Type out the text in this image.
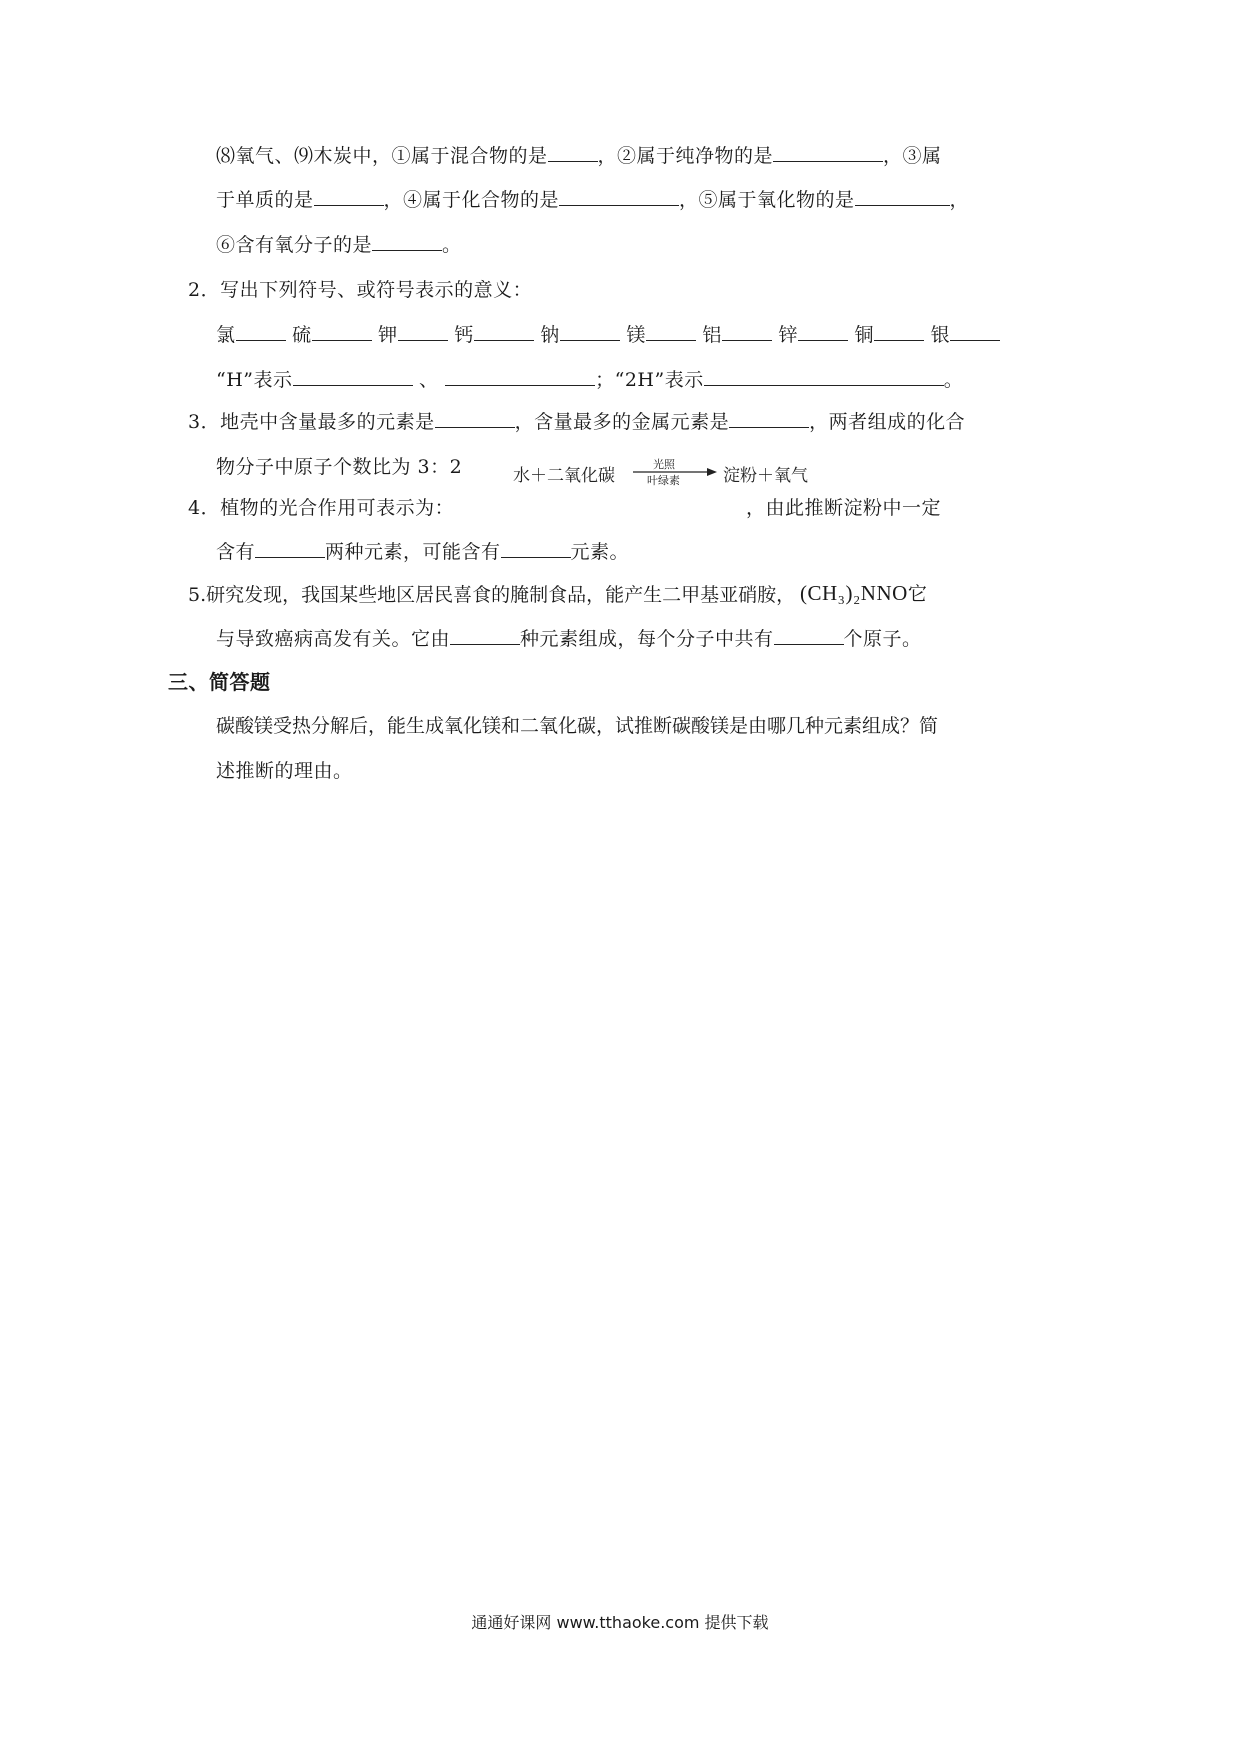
⑻氧气、⑼木炭中，①属于混合物的是	，②属于纯净物的是	，③属
于单质的是	，④属于化合物的是	，⑤属于氧化物的是	，
⑥含有氧分子的是	。
2．写出下列符号、或符号表示的意义：
氯	硫	钾	钙	钠	镁	铝	锌	铜	银
“H”表示	、	；“2H”表示	。
3．地壳中含量最多的元素是	，含量最多的金属元素是	，两者组成的化合
物分子中原子个数比为 3：2	水＋二氧化碳
光照
叶绿素	淀粉＋氧气
4．植物的光合作用可表示为：	，由此推断淀粉中一定
含有	两种元素，可能含有	元素。
5.研究发现，我国某些地区居民喜食的腌制食品，能产生二甲基亚硝胺， (CH₃)₂NNO它
与导致癌病高发有关。它由	种元素组成，每个分子中共有	个原子。
三、简答题
碳酸镁受热分解后，能生成氧化镁和二氧化碳，试推断碳酸镁是由哪几种元素组成？简
述推断的理由。
通通好课网 www.tthaoke.com 提供下载
